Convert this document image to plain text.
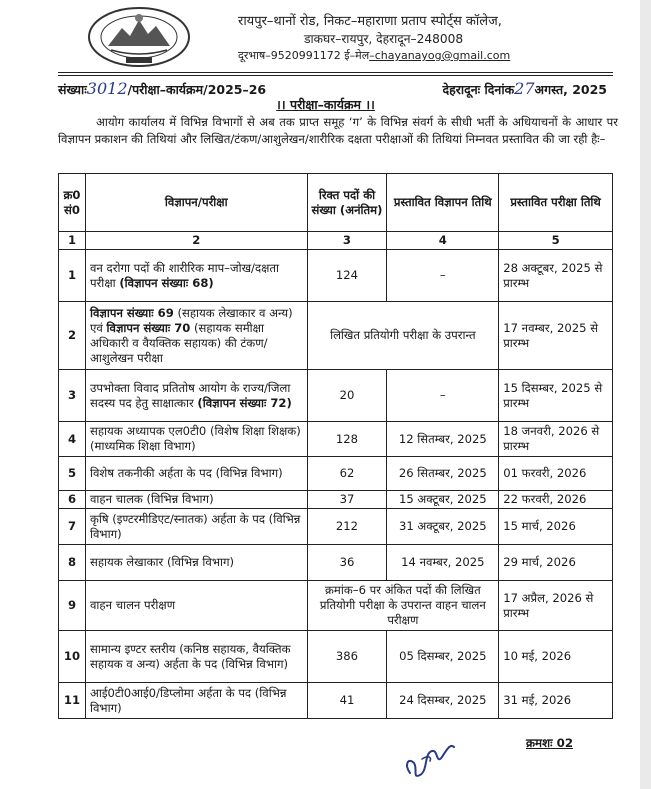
रायपुर–थानों रोड, निकट–महाराणा प्रताप स्पोर्ट्स कॉलेज,
डाकघर–रायपुर, देहरादून–248008
दूरभाष–9520991172 ई–मेल–chayanayog@gmail.com
संख्याः3012/परीक्षा–कार्यक्रम/2025–26	देहरादूनः दिनांक27अगस्त, 2025
।। परीक्षा–कार्यक्रम ।।
आयोग कार्यालय में विभिन्न विभागों से अब तक प्राप्त समूह ‘ग’ के विभिन्न संवर्ग के सीधी भर्ती के अधियाचनों के आधार पर विज्ञापन प्रकाशन की तिथियां और लिखित/टंकण/आशुलेखन/शारीरिक दक्षता परीक्षाओं की तिथियां निम्नवत प्रस्तावित की जा रही हैः–
क्र0 सं0	विज्ञापन/परीक्षा	रिक्त पदों की संख्या (अनंतिम)	प्रस्तावित विज्ञापन तिथि	प्रस्तावित परीक्षा तिथि
1	2	3	4	5
1	वन दरोगा पदों की शारीरिक माप–जोख/दक्षता परीक्षा (विज्ञापन संख्याः 68)	124	–	28 अक्टूबर, 2025 से प्रारम्भ
2	विज्ञापन संख्याः 69 (सहायक लेखाकार व अन्य) एवं विज्ञापन संख्याः 70 (सहायक समीक्षा अधिकारी व वैयक्तिक सहायक) की टंकण/आशुलेखन परीक्षा	लिखित प्रतियोगी परीक्षा के उपरान्त		17 नवम्बर, 2025 से प्रारम्भ
3	उपभोक्ता विवाद प्रतितोष आयोग के राज्य/जिला सदस्य पद हेतु साक्षात्कार (विज्ञापन संख्याः 72)	20	–	15 दिसम्बर, 2025 से प्रारम्भ
4	सहायक अध्यापक एल0टी0 (विशेष शिक्षा शिक्षक) (माध्यमिक शिक्षा विभाग)	128	12 सितम्बर, 2025	18 जनवरी, 2026 से प्रारम्भ
5	विशेष तकनीकी अर्हता के पद (विभिन्न विभाग)	62	26 सितम्बर, 2025	01 फरवरी, 2026
6	वाहन चालक (विभिन्न विभाग)	37	15 अक्टूबर, 2025	22 फरवरी, 2026
7	कृषि (इण्टरमीडिएट/स्नातक) अर्हता के पद (विभिन्न विभाग)	212	31 अक्टूबर, 2025	15 मार्च, 2026
8	सहायक लेखाकार (विभिन्न विभाग)	36	14 नवम्बर, 2025	29 मार्च, 2026
9	वाहन चालन परीक्षण	क्रमांक–6 पर अंकित पदों की लिखित प्रतियोगी परीक्षा के उपरान्त वाहन चालन परीक्षण		17 अप्रैल, 2026 से प्रारम्भ
10	सामान्य इण्टर स्तरीय (कनिष्ठ सहायक, वैयक्तिक सहायक व अन्य) अर्हता के पद (विभिन्न विभाग)	386	05 दिसम्बर, 2025	10 मई, 2026
11	आई0टी0आई0/डिप्लोमा अर्हता के पद (विभिन्न विभाग)	41	24 दिसम्बर, 2025	31 मई, 2026
क्रमशः 02
